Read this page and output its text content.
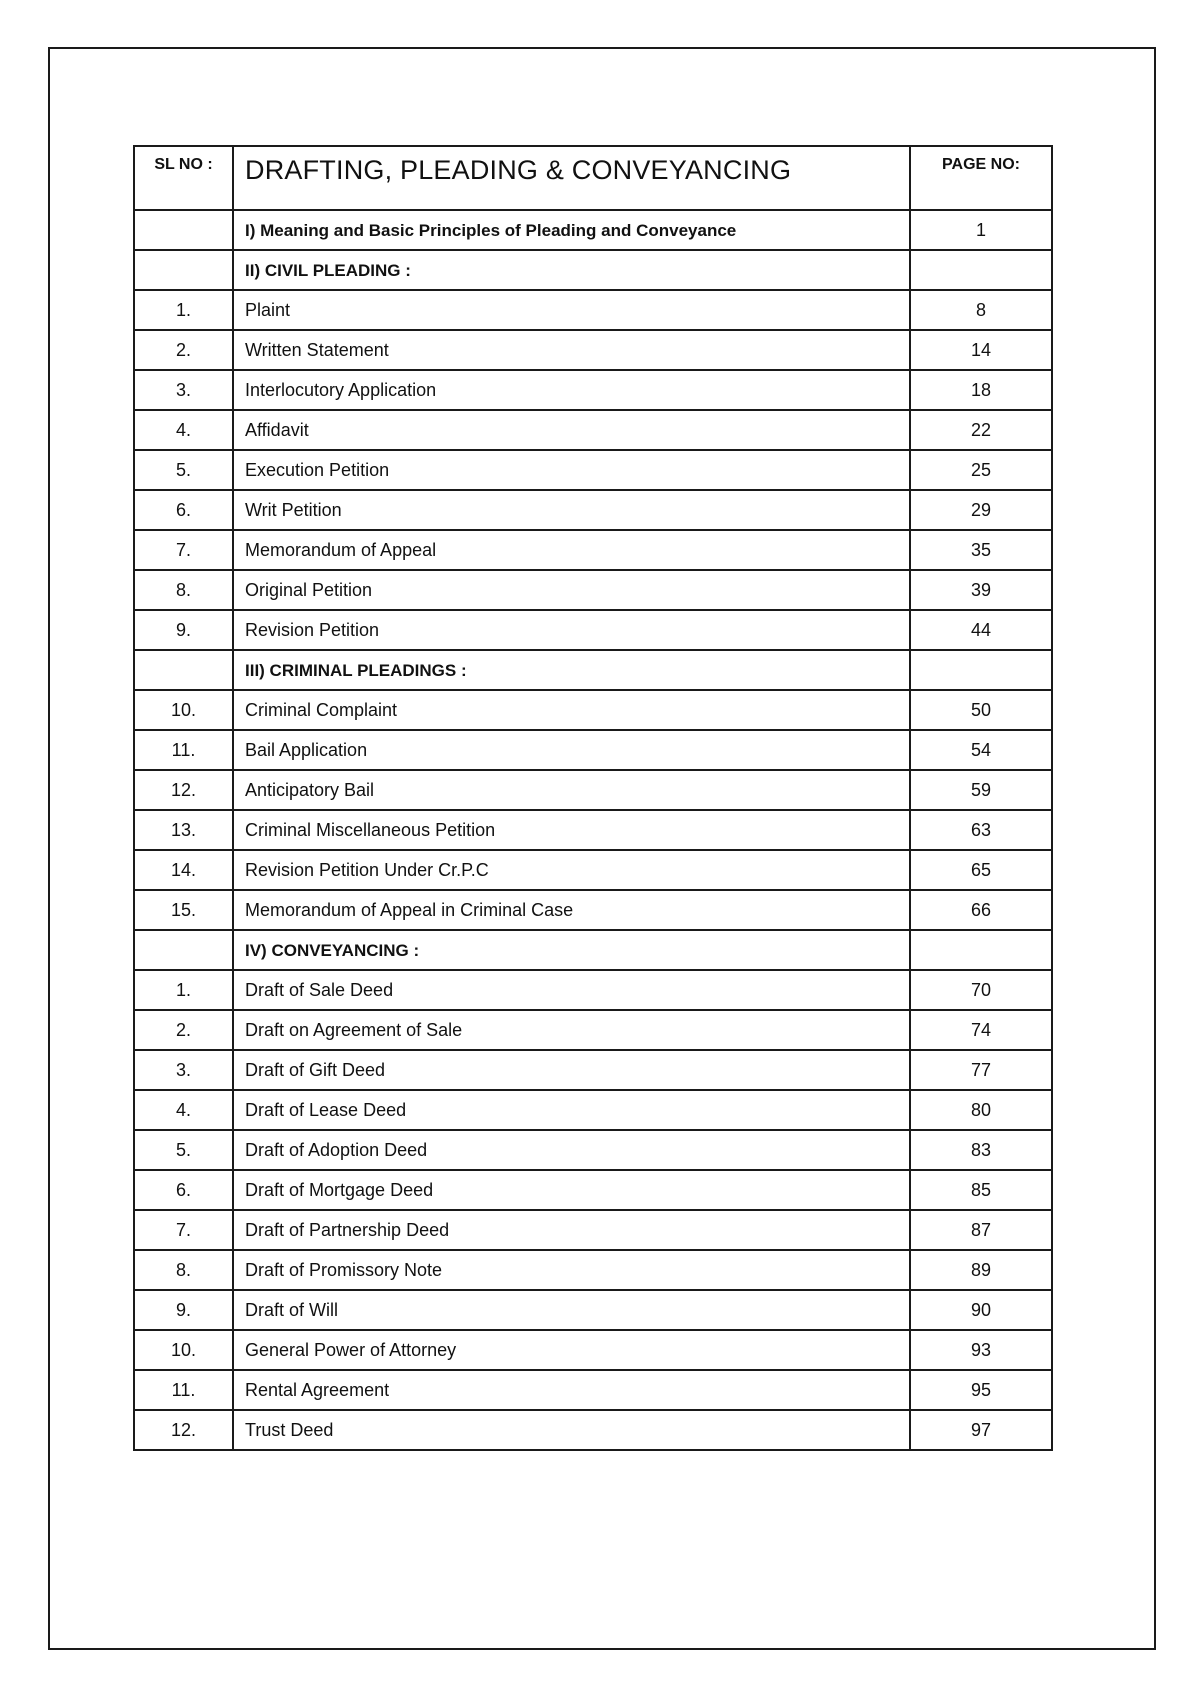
SL NO :	DRAFTING, PLEADING & CONVEYANCING	PAGE NO:
	I) Meaning and Basic Principles of Pleading and Conveyance	1
	II) CIVIL PLEADING :	
1.	Plaint	8
2.	Written Statement	14
3.	Interlocutory Application	18
4.	Affidavit	22
5.	Execution Petition	25
6.	Writ Petition	29
7.	Memorandum of Appeal	35
8.	Original Petition	39
9.	Revision Petition	44
	III) CRIMINAL PLEADINGS :	
10.	Criminal Complaint	50
11.	Bail Application	54
12.	Anticipatory Bail	59
13.	Criminal Miscellaneous Petition	63
14.	Revision Petition Under Cr.P.C	65
15.	Memorandum of Appeal in Criminal Case	66
	IV) CONVEYANCING :	
1.	Draft of Sale Deed	70
2.	Draft on Agreement of Sale	74
3.	Draft of Gift Deed	77
4.	Draft of Lease Deed	80
5.	Draft of Adoption Deed	83
6.	Draft of Mortgage Deed	85
7.	Draft of Partnership Deed	87
8.	Draft of Promissory Note	89
9.	Draft of Will	90
10.	General Power of Attorney	93
11.	Rental Agreement	95
12.	Trust Deed	97
